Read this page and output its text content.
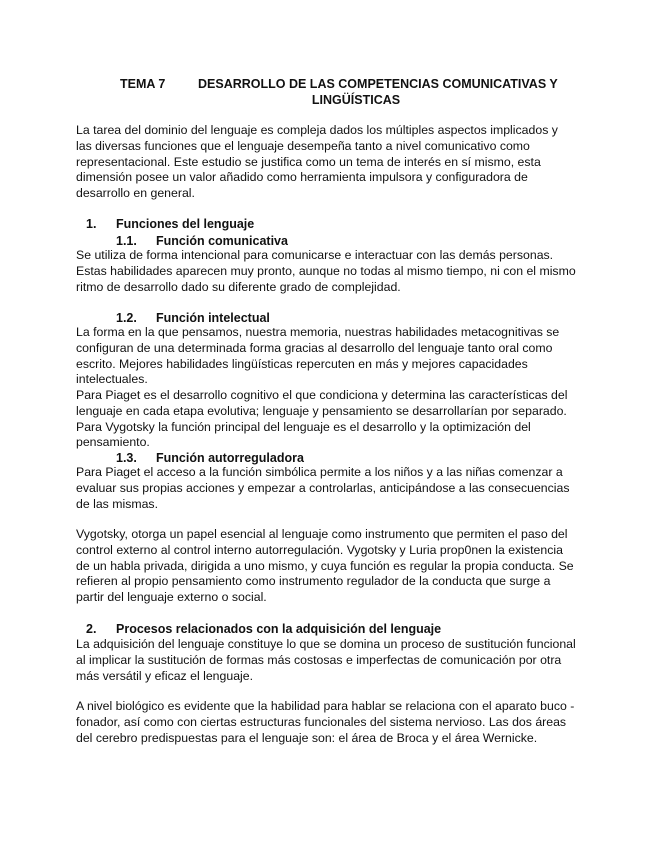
TEMA 7	DESARROLLO DE LAS COMPETENCIAS COMUNICATIVAS Y
LINGÜÍSTICAS

La tarea del dominio del lenguaje es compleja dados los múltiples aspectos implicados y las diversas funciones que el lenguaje desempeña tanto a nivel comunicativo como representacional. Este estudio se justifica como un tema de interés en sí mismo, esta dimensión posee un valor añadido como herramienta impulsora y configuradora de desarrollo en general.

1. Funciones del lenguaje
1.1. Función comunicativa

Se utiliza de forma intencional para comunicarse e interactuar con las demás personas. Estas habilidades aparecen muy pronto, aunque no todas al mismo tiempo, ni con el mismo ritmo de desarrollo dado su diferente grado de complejidad.

1.2. Función intelectual

La forma en la que pensamos, nuestra memoria, nuestras habilidades metacognitivas se configuran de una determinada forma gracias al desarrollo del lenguaje tanto oral como escrito. Mejores habilidades lingüísticas repercuten en más y mejores capacidades intelectuales.

Para Piaget es el desarrollo cognitivo el que condiciona y determina las características del lenguaje en cada etapa evolutiva; lenguaje y pensamiento se desarrollarían por separado. Para Vygotsky la función principal del lenguaje es el desarrollo y la optimización del pensamiento.

1.3. Función autorreguladora

Para Piaget el acceso a la función simbólica permite a los niños y a las niñas comenzar a evaluar sus propias acciones y empezar a controlarlas, anticipándose a las consecuencias de las mismas.

Vygotsky, otorga un papel esencial al lenguaje como instrumento que permiten el paso del control externo al control interno autorregulación. Vygotsky y Luria prop0nen la existencia de un habla privada, dirigida a uno mismo, y cuya función es regular la propia conducta. Se refieren al propio pensamiento como instrumento regulador de la conducta que surge a partir del lenguaje externo o social.

2. Procesos relacionados con la adquisición del lenguaje

La adquisición del lenguaje constituye lo que se domina un proceso de sustitución funcional al implicar la sustitución de formas más costosas e imperfectas de comunicación por otra más versátil y eficaz el lenguaje.

A nivel biológico es evidente que la habilidad para hablar se relaciona con el aparato buco - fonador, así como con ciertas estructuras funcionales del sistema nervioso. Las dos áreas del cerebro predispuestas para el lenguaje son: el área de Broca y el área Wernicke.
